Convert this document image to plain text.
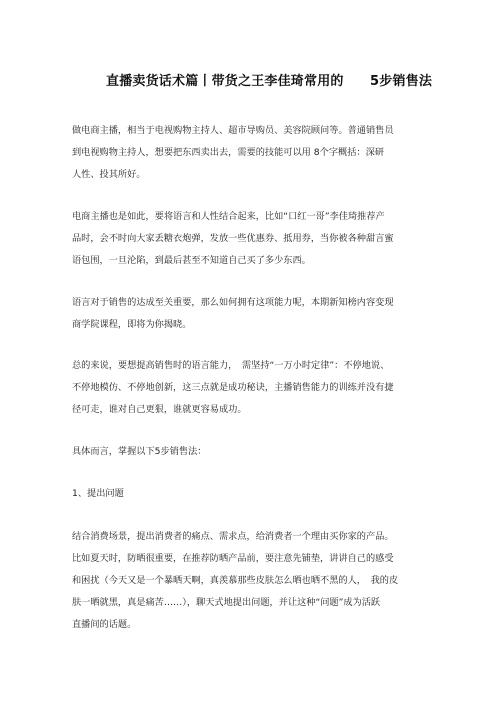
直播卖货话术篇丨带货之王李佳琦常用的　　5步销售法
做电商主播，相当于电视购物主持人、超市导购员、美容院顾问等。普通销售员
到电视购物主持人，想要把东西卖出去，需要的技能可以用 8个字概括：深研
人性、投其所好。
电商主播也是如此，要将语言和人性结合起来，比如“口红一哥”李佳琦推荐产
品时，会不时向大家丢糖衣炮弹，发放一些优惠券、抵用券，当你被各种甜言蜜
语包围，一旦沦陷，到最后甚至不知道自己买了多少东西。
语言对于销售的达成至关重要，那么如何拥有这项能力呢，本期新知榜内容变现
商学院课程，即将为你揭晓。
总的来说，要想提高销售时的语言能力，　需坚持“一万小时定律”：不停地说、
不停地模仿、不停地创新，这三点就是成功秘诀，主播销售能力的训练并没有捷
径可走，谁对自己更狠，谁就更容易成功。
具体而言，掌握以下5步销售法：
1、提出问题
结合消费场景，提出消费者的痛点、需求点，给消费者一个理由买你家的产品。
比如夏天时，防晒很重要，在推荐防晒产品前，要注意先铺垫，讲讲自己的感受
和困扰（今天又是一个暴晒天啊，真羡慕那些皮肤怎么晒也晒不黑的人，　我的皮
肤一晒就黑，真是痛苦……），聊天式地提出问题，并让这种“问题”成为活跃
直播间的话题。
